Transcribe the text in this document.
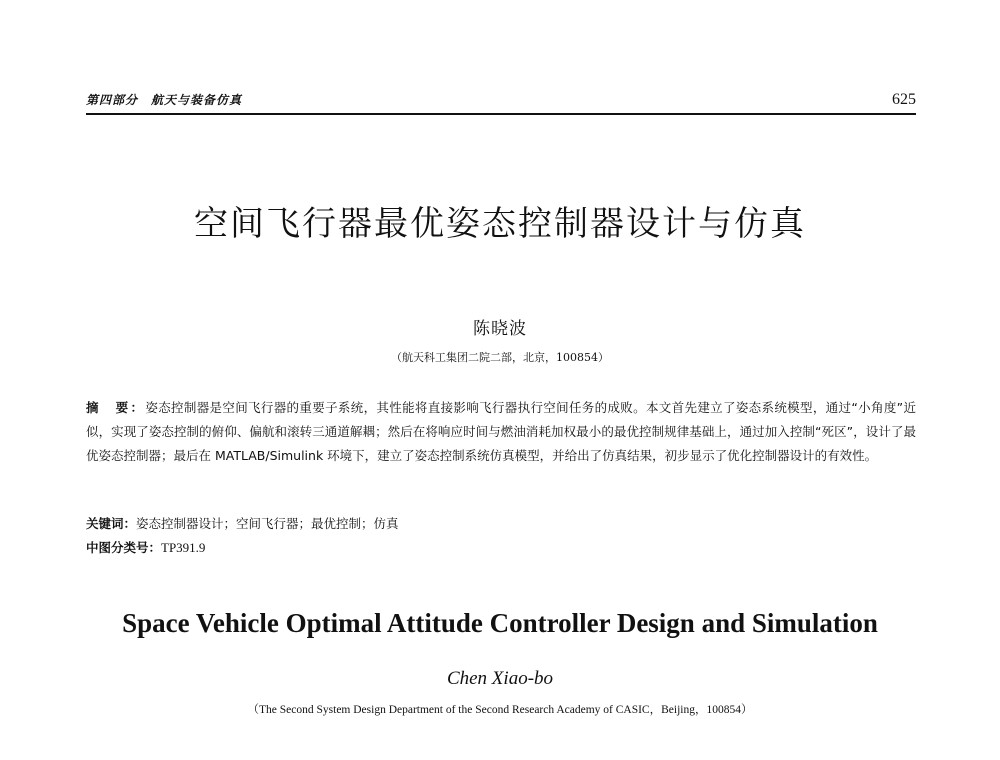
第四部分　航天与装备仿真	625
空间飞行器最优姿态控制器设计与仿真
陈晓波
（航天科工集团二院二部，北京，100854）
摘　要：姿态控制器是空间飞行器的重要子系统，其性能将直接影响飞行器执行空间任务的成败。本文首先建立了姿态系统模型，通过“小角度”近似，实现了姿态控制的俯仰、偏航和滚转三通道解耦；然后在将响应时间与燃油消耗加权最小的最优控制规律基础上，通过加入控制“死区”，设计了最优姿态控制器；最后在 MATLAB/Simulink 环境下，建立了姿态控制系统仿真模型，并给出了仿真结果，初步显示了优化控制器设计的有效性。
关键词：姿态控制器设计；空间飞行器；最优控制；仿真
中图分类号：TP391.9
Space Vehicle Optimal Attitude Controller Design and Simulation
Chen Xiao-bo
（The Second System Design Department of the Second Research Academy of CASIC，Beijing，100854）
